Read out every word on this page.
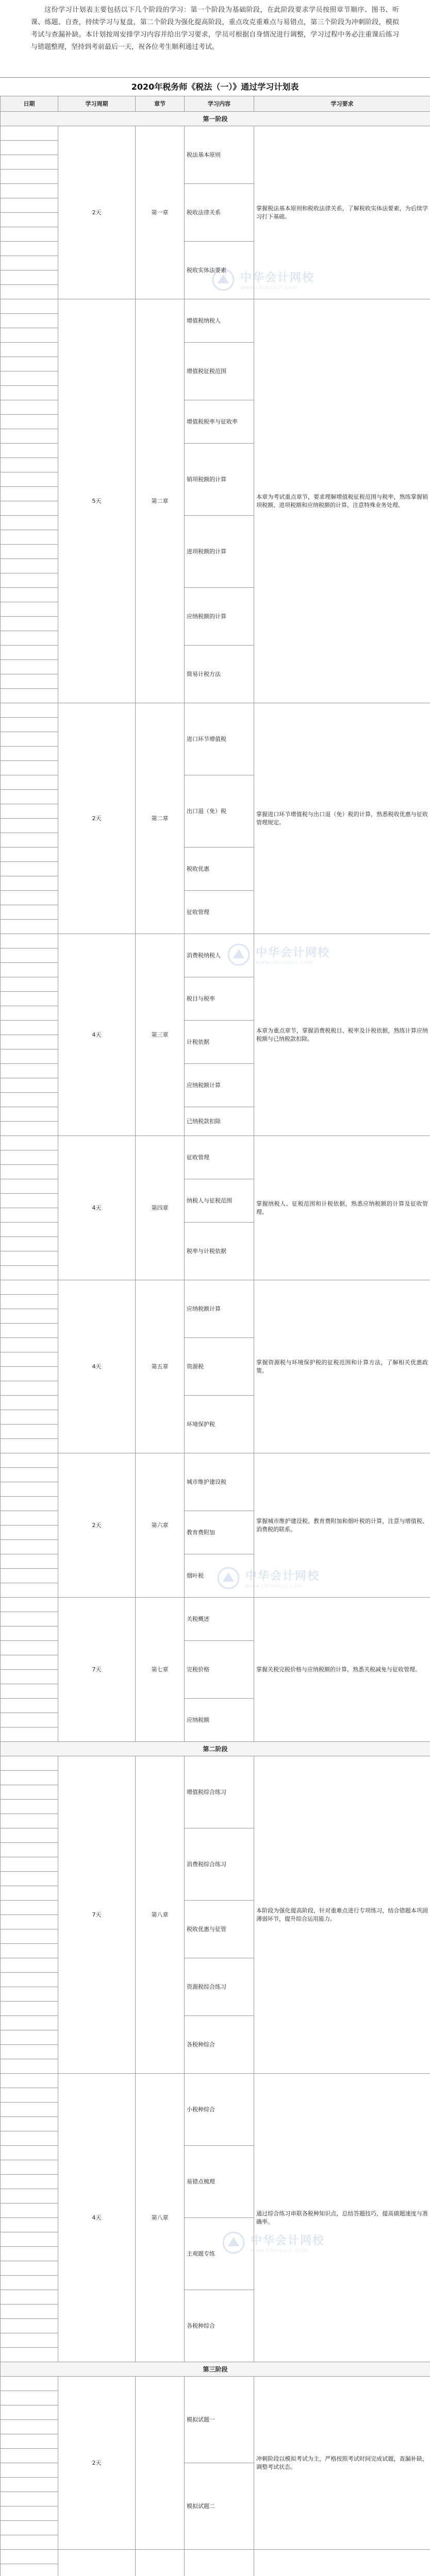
这份学习计划表主要包括以下几个阶段的学习：第一个阶段为基础阶段，在此阶段要求学员按照章节顺序、图书、听课、练题、自查，持续学习与复盘，第二个阶段为强化提高阶段，重点攻克重难点与易错点，第三个阶段为冲刺阶段，模拟考试与查漏补缺。本计划按周安排学习内容并给出学习要求，学员可根据自身情况进行调整，学习过程中务必注重课后练习与错题整理，坚持到考前最后一天，祝各位考生顺利通过考试。

2020年税务师《税法（一）》通过学习计划表
日期	学习周期	章节	学习内容	学习要求
第一阶段				
	2天	第一章	税法基本原则	掌握税法基本原则和税收法律关系，了解税收实体法要素，为后续学习打下基础。

			税收法律关系	

			税收实体法要素	

	5天	第二章	增值税纳税人	本章为考试重点章节，要求理解增值税征税范围与税率，熟练掌握销项税额、进项税额和应纳税额的计算，注意特殊业务处理。

			增值税征税范围	

			增值税税率与征收率	

			销项税额的计算	

			进项税额的计算	

			应纳税额的计算	

			简易计税方法	

	2天	第二章	进口环节增值税	掌握进口环节增值税与出口退（免）税的计算，熟悉税收优惠与征收管理规定。

			出口退（免）税	

			税收优惠	

			征收管理	

	4天	第三章	消费税纳税人	本章为重点章节，掌握消费税税目、税率及计税依据，熟练计算应纳税额与已纳税款扣除。

			税目与税率	

			计税依据	

			应纳税额计算	

			已纳税款扣除	

	4天	第四章	征收管理	掌握纳税人、征税范围和计税依据，熟悉应纳税额的计算及征收管理。

			纳税人与征税范围	

			税率与计税依据	

	4天	第五章	应纳税额计算	掌握资源税与环境保护税的征税范围和计算方法，了解相关优惠政策。

			资源税	

			环境保护税	

	2天	第六章	城市维护建设税	掌握城市维护建设税、教育费附加和烟叶税的计算，注意与增值税、消费税的联系。

			教育费附加	

			烟叶税	

	7天	第七章	关税概述	掌握关税完税价格与应纳税额的计算，熟悉关税减免与征收管理。

			完税价格	

			应纳税额	

第二阶段				
	7天	第八章	增值税综合练习	本阶段为强化提高阶段，针对重难点进行专项练习，结合错题本巩固薄弱环节，提升综合运用能力。

			消费税综合练习	

			税收优惠与征管	

			资源税综合练习	

			各税种综合	

	4天	第八章	小税种综合	通过综合练习串联各税种知识点，总结答题技巧，提高做题速度与准确率。

			易错点梳理	

			主观题专练	

			各税种综合	

第三阶段				
	2天		模拟试题一	冲刺阶段以模拟考试为主，严格按照考试时间完成试题，查漏补缺，调整考试状态。

			模拟试题二	

中华会计网校
www.chinaacc.com
中华会计网校
www.chinaacc.com
中华会计网校
www.chinaacc.com
中华会计网校
www.chinaacc.com
